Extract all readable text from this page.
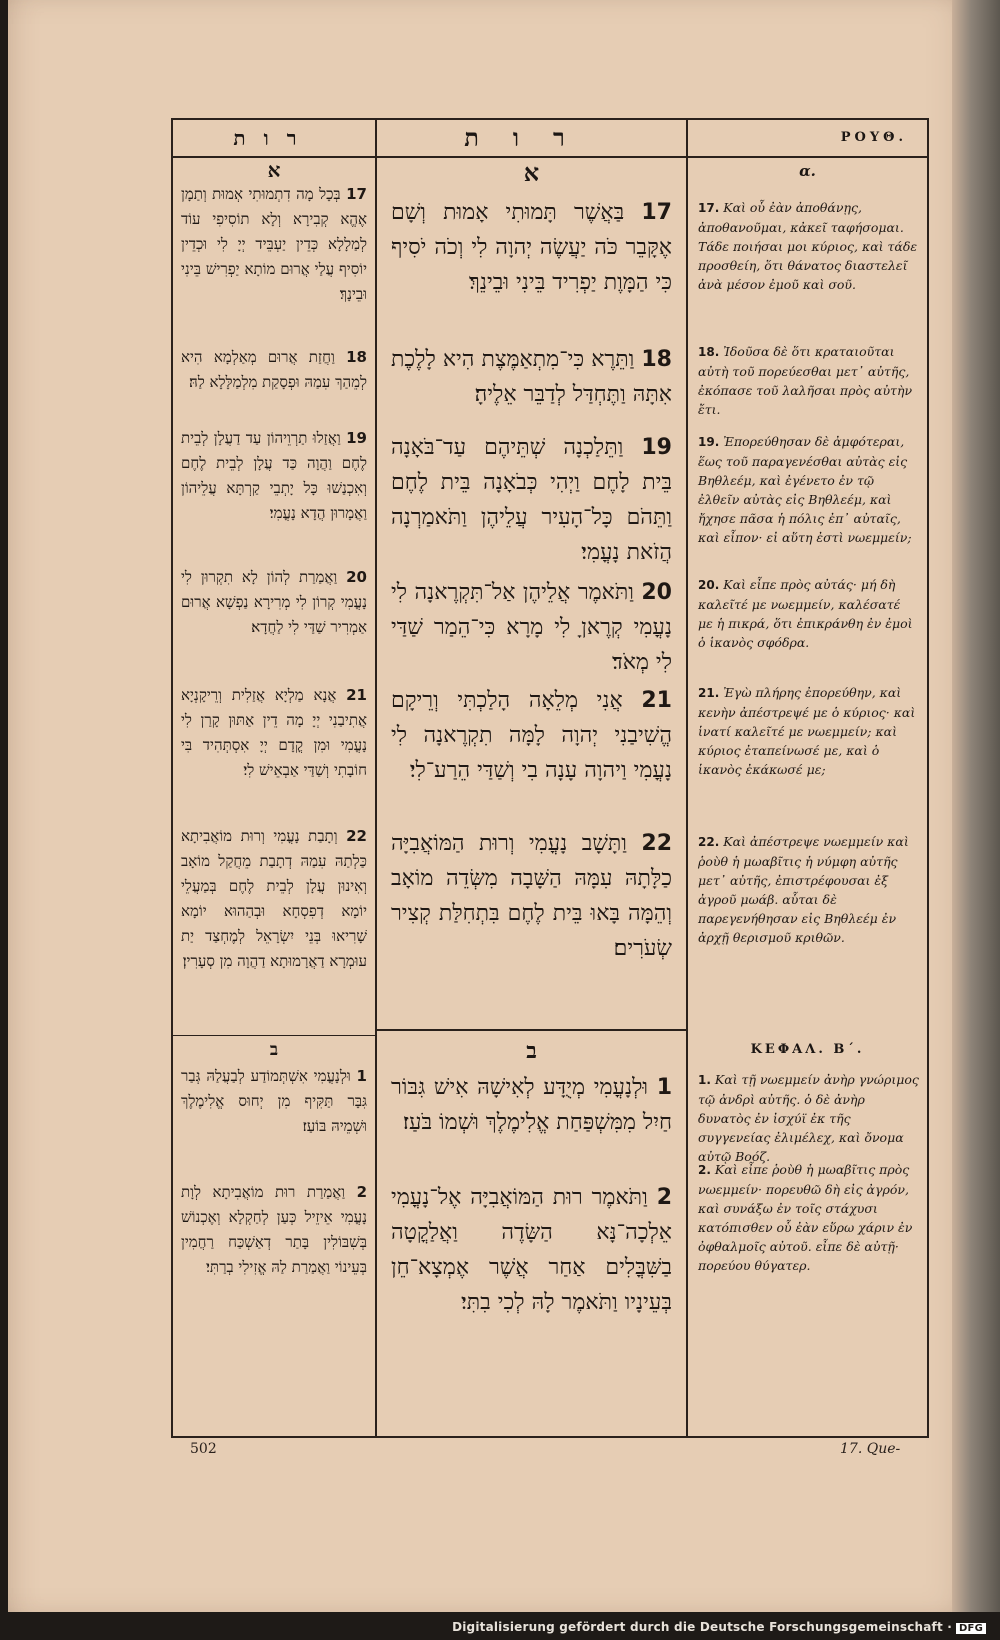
רות
א
17 בְּכָל מָה דִתְמוּתִי אְמוּת וְתַמָן אֶהֱא קְבִירָא וְלָא תוֹסִיפִי עוֹד לְמַלָלָא כְּדֵין יַעְבֵּיד יְיָ לִי וּכְדֵין יוֹסִיף עֲלַי אֲרוּם מוֹתָא יַפְרִישׁ בֵּינִי וּבֵינָךְ׃
18 וַחֲזַת אֲרוּם מְאַלְמָא הִיא לְמֵהַךְ עִמַהּ וּפְסָקַת מִלְמַלָּלָא לַהּ׃
19 וַאֲזַלוּ תַרְוֵיהוֹן עַד דַעֲלָן לְבֵית לֶחֶם וַהֲוָה כַּד עֲלָן לְבֵית לֶחֶם וְאִכְנַשׁוּ כָּל יָתְבֵי קַרְתָּא עֲלֵיהוֹן וַאֲמָרוּן הֲדָא נָעֳמִי׃
20 וַאֲמַרַת לְהוֹן לָא תִקְרוּן לִי נָעֳמִי קְרוֹן לִי מְרִירָא נַפְשָׁא אֲרוּם אַמְרִיר שַׁדַּי לִי לַחֲדָא׃
21 אֲנָא מַלְיָא אֲזַלִית וְרֵיקָנְיָא אֲתִיבַנִי יְיָ מָה דֵין אַתּוּן קָרַן לִי נָעֳמִי וּמִן קֳדָם יְיָ אִסְתְּהִיד בִּי חוֹבָתִי וְשַׁדַּי אַבְאֵישׁ לִי׃
22 וְתָבַת נָעֳמִי וְרוּת מוֹאֲבִיתָא כַּלְתַהּ עִמַהּ דְתָבַת מֵחֲקַל מוֹאָב וְאִינוּן עֲלָן לְבֵית לֶחֶם בְּמַעֲלֵי יוֹמָא דְפִסְחָא וּבְהַהוּא יוֹמָא שָׁרִיאוּ בְּנֵי יִשְׂרָאֵל לְמֶחְצַד יַת עוּמְרָא דַאֲרָמוּתָא דַהֲוָה מִן סְעָרִין׃
ב
1 וּלְנָעֳמִי אִשְׁתְּמוֹדַע לְבַעֲלַהּ גְּבַר גִּבָּר תַּקִּיף מִן יְחוּס אֱלִימֶלֶךְ וּשְׁמֵיהּ בּוֹעַז׃
2 וַאֲמַרַת רוּת מוֹאֲבִיתָא לְוָת נָעֳמִי אֵיזֵיל כְּעַן לְחַקְלָא וְאֶכְנוֹשׁ בְּשִׁבּוֹלִין בָּתַר דְאַשְׁכַּח רַחֲמִין בְּעֵינוֹי וַאֲמַרַת לַהּ אֱזִילִי בְרַתִּי׃
רות
א
17 בַּאֲשֶׁר תָּמוּתִי אָמוּת וְשָׁם אֶקָּבֵר כֹּה יַעֲשֶׂה יְהוָה לִי וְכֹה יֹסִיף כִּי הַמָּוֶת יַפְרִיד בֵּינִי וּבֵינֵךְ׃
18 וַתֵּרֶא כִּי־מִתְאַמֶּצֶת הִיא לָלֶכֶת אִתָּהּ וַתֶּחְדַּל לְדַבֵּר אֵלֶיהָ׃
19 וַתֵּלַכְנָה שְׁתֵּיהֶם עַד־בֹּאָנָה בֵּית לָחֶם וַיְהִי כְּבֹאָנָה בֵּית לֶחֶם וַתֵּהֹם כָּל־הָעִיר עֲלֵיהֶן וַתֹּאמַרְנָה הֲזֹאת נָעֳמִי׃
20 וַתֹּאמֶר אֲלֵיהֶן אַל־תִּקְרֶאנָה לִי נָעֳמִי קְרֶאןָ לִי מָרָא כִּי־הֵמַר שַׁדַּי לִי מְאֹד׃
21 אֲנִי מְלֵאָה הָלַכְתִּי וְרֵיקָם הֱשִׁיבַנִי יְהוָה לָמָּה תִקְרֶאנָה לִי נָעֳמִי וַיהוָה עָנָה בִי וְשַׁדַּי הֵרַע־לִי׃
22 וַתָּשָׁב נָעֳמִי וְרוּת הַמּוֹאֲבִיָּה כַלָּתָהּ עִמָּהּ הַשָּׁבָה מִשְּׂדֵה מוֹאָב וְהֵמָּה בָּאוּ בֵּית לֶחֶם בִּתְחִלַּת קְצִיר שְׂעֹרִים׃
ב
1 וּלְנָעֳמִי מְיֻדָּע לְאִישָׁהּ אִישׁ גִּבּוֹר חַיִל מִמִּשְׁפַּחַת אֱלִימֶלֶךְ וּשְׁמוֹ בֹּעַז׃
2 וַתֹּאמֶר רוּת הַמּוֹאֲבִיָּה אֶל־נָעֳמִי אֵלְכָה־נָּא הַשָּׂדֶה וַאֲלַקֳטָה בַשִּׁבֳּלִים אַחַר אֲשֶׁר אֶמְצָא־חֵן בְּעֵינָיו וַתֹּאמֶר לָהּ לְכִי בִתִּי׃
ΡΟΥΘ.
α.
17. Καὶ οὗ ἐὰν ἀποθάνῃς, ἀποθανοῦμαι, κἀκεῖ ταφήσομαι. Τάδε ποιήσαι μοι κύριος, καὶ τάδε προσθείη, ὅτι θάνατος διαστελεῖ ἀνὰ μέσον ἐμοῦ καὶ σοῦ.
18. Ἰδοῦσα δὲ ὅτι κραταιοῦται αὐτὴ τοῦ πορεύεσθαι μετ᾽ αὐτῆς, ἐκόπασε τοῦ λαλῆσαι πρὸς αὐτὴν ἔτι.
19. Ἐπορεύθησαν δὲ ἀμφότεραι, ἕως τοῦ παραγενέσθαι αὐτὰς εἰς Βηθλεέμ, καὶ ἐγένετο ἐν τῷ ἐλθεῖν αὐτὰς εἰς Βηθλεέμ, καὶ ἤχησε πᾶσα ἡ πόλις ἐπ᾽ αὐταῖς, καὶ εἶπον· εἰ αὕτη ἐστὶ νωεμμείν;
20. Καὶ εἶπε πρὸς αὐτάς· μή δὴ καλεῖτέ με νωεμμείν, καλέσατέ με ἡ πικρά, ὅτι ἐπικράνθη ἐν ἐμοὶ ὁ ἱκανὸς σφόδρα.
21. Ἐγὼ πλήρης ἐπορεύθην, καὶ κενὴν ἀπέστρεψέ με ὁ κύριος· καὶ ἱνατί καλεῖτέ με νωεμμείν; καὶ κύριος ἐταπείνωσέ με, καὶ ὁ ἱκανὸς ἐκάκωσέ με;
22. Καὶ ἀπέστρεψε νωεμμείν καὶ ῥοὺθ ἡ μωαβῖτις ἡ νύμφη αὐτῆς μετ᾽ αὐτῆς, ἐπιστρέφουσαι ἐξ ἀγροῦ μωάβ. αὗται δὲ παρεγενήθησαν εἰς Βηθλεέμ ἐν ἀρχῇ θερισμοῦ κριθῶν.
ΚΕΦΑΛ. Β΄.
1. Καὶ τῇ νωεμμείν ἀνὴρ γνώριμος τῷ ἀνδρὶ αὐτῆς. ὁ δὲ ἀνὴρ δυνατὸς ἐν ἰσχύϊ ἐκ τῆς συγγενείας ἐλιμέλεχ, καὶ ὄνομα αὐτῷ Βοόζ.
2. Καὶ εἶπε ῥοὺθ ἡ μωαβῖτις πρὸς νωεμμείν· πορευθῶ δὴ εἰς ἀγρόν, καὶ συνάξω ἐν τοῖς στάχυσι κατόπισθεν οὗ ἐὰν εὕρω χάριν ἐν ὀφθαλμοῖς αὐτοῦ. εἶπε δὲ αὐτῇ· πορεύου θύγατερ.
502	17. Que-
Digitalisierung gefördert durch die Deutsche Forschungsgemeinschaft · DFG
